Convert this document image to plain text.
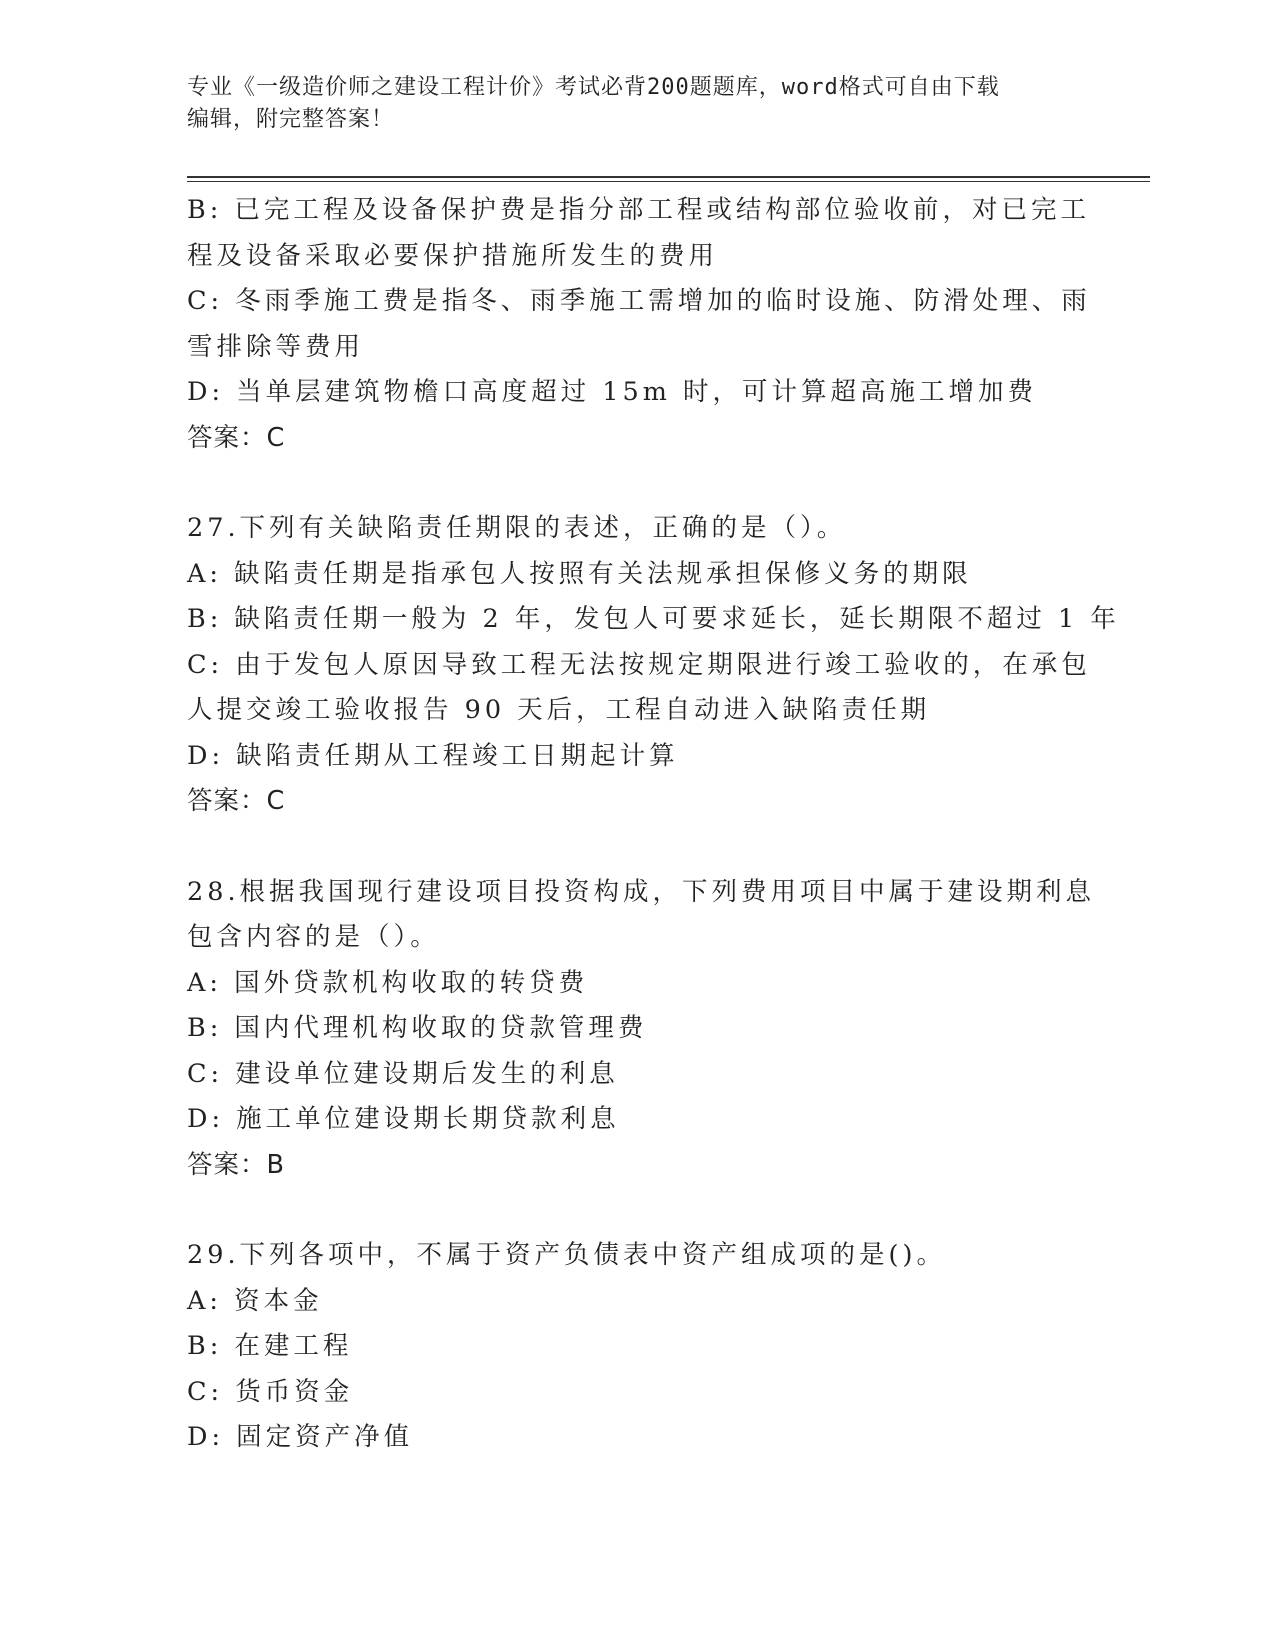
专业《一级造价师之建设工程计价》考试必背200题题库，word格式可自由下载
编辑，附完整答案！
B: 已完工程及设备保护费是指分部工程或结构部位验收前，对已完工
程及设备采取必要保护措施所发生的费用
C: 冬雨季施工费是指冬、雨季施工需增加的临时设施、防滑处理、雨
雪排除等费用
D: 当单层建筑物檐口高度超过 15m 时，可计算超高施工增加费
答案：C
27.下列有关缺陷责任期限的表述，正确的是（）。
A: 缺陷责任期是指承包人按照有关法规承担保修义务的期限
B: 缺陷责任期一般为 2 年，发包人可要求延长，延长期限不超过 1 年
C: 由于发包人原因导致工程无法按规定期限进行竣工验收的，在承包
人提交竣工验收报告 90 天后，工程自动进入缺陷责任期
D: 缺陷责任期从工程竣工日期起计算
答案：C
28.根据我国现行建设项目投资构成，下列费用项目中属于建设期利息
包含内容的是（）。
A: 国外贷款机构收取的转贷费
B: 国内代理机构收取的贷款管理费
C: 建设单位建设期后发生的利息
D: 施工单位建设期长期贷款利息
答案：B
29.下列各项中，不属于资产负债表中资产组成项的是()。
A: 资本金
B: 在建工程
C: 货币资金
D: 固定资产净值
